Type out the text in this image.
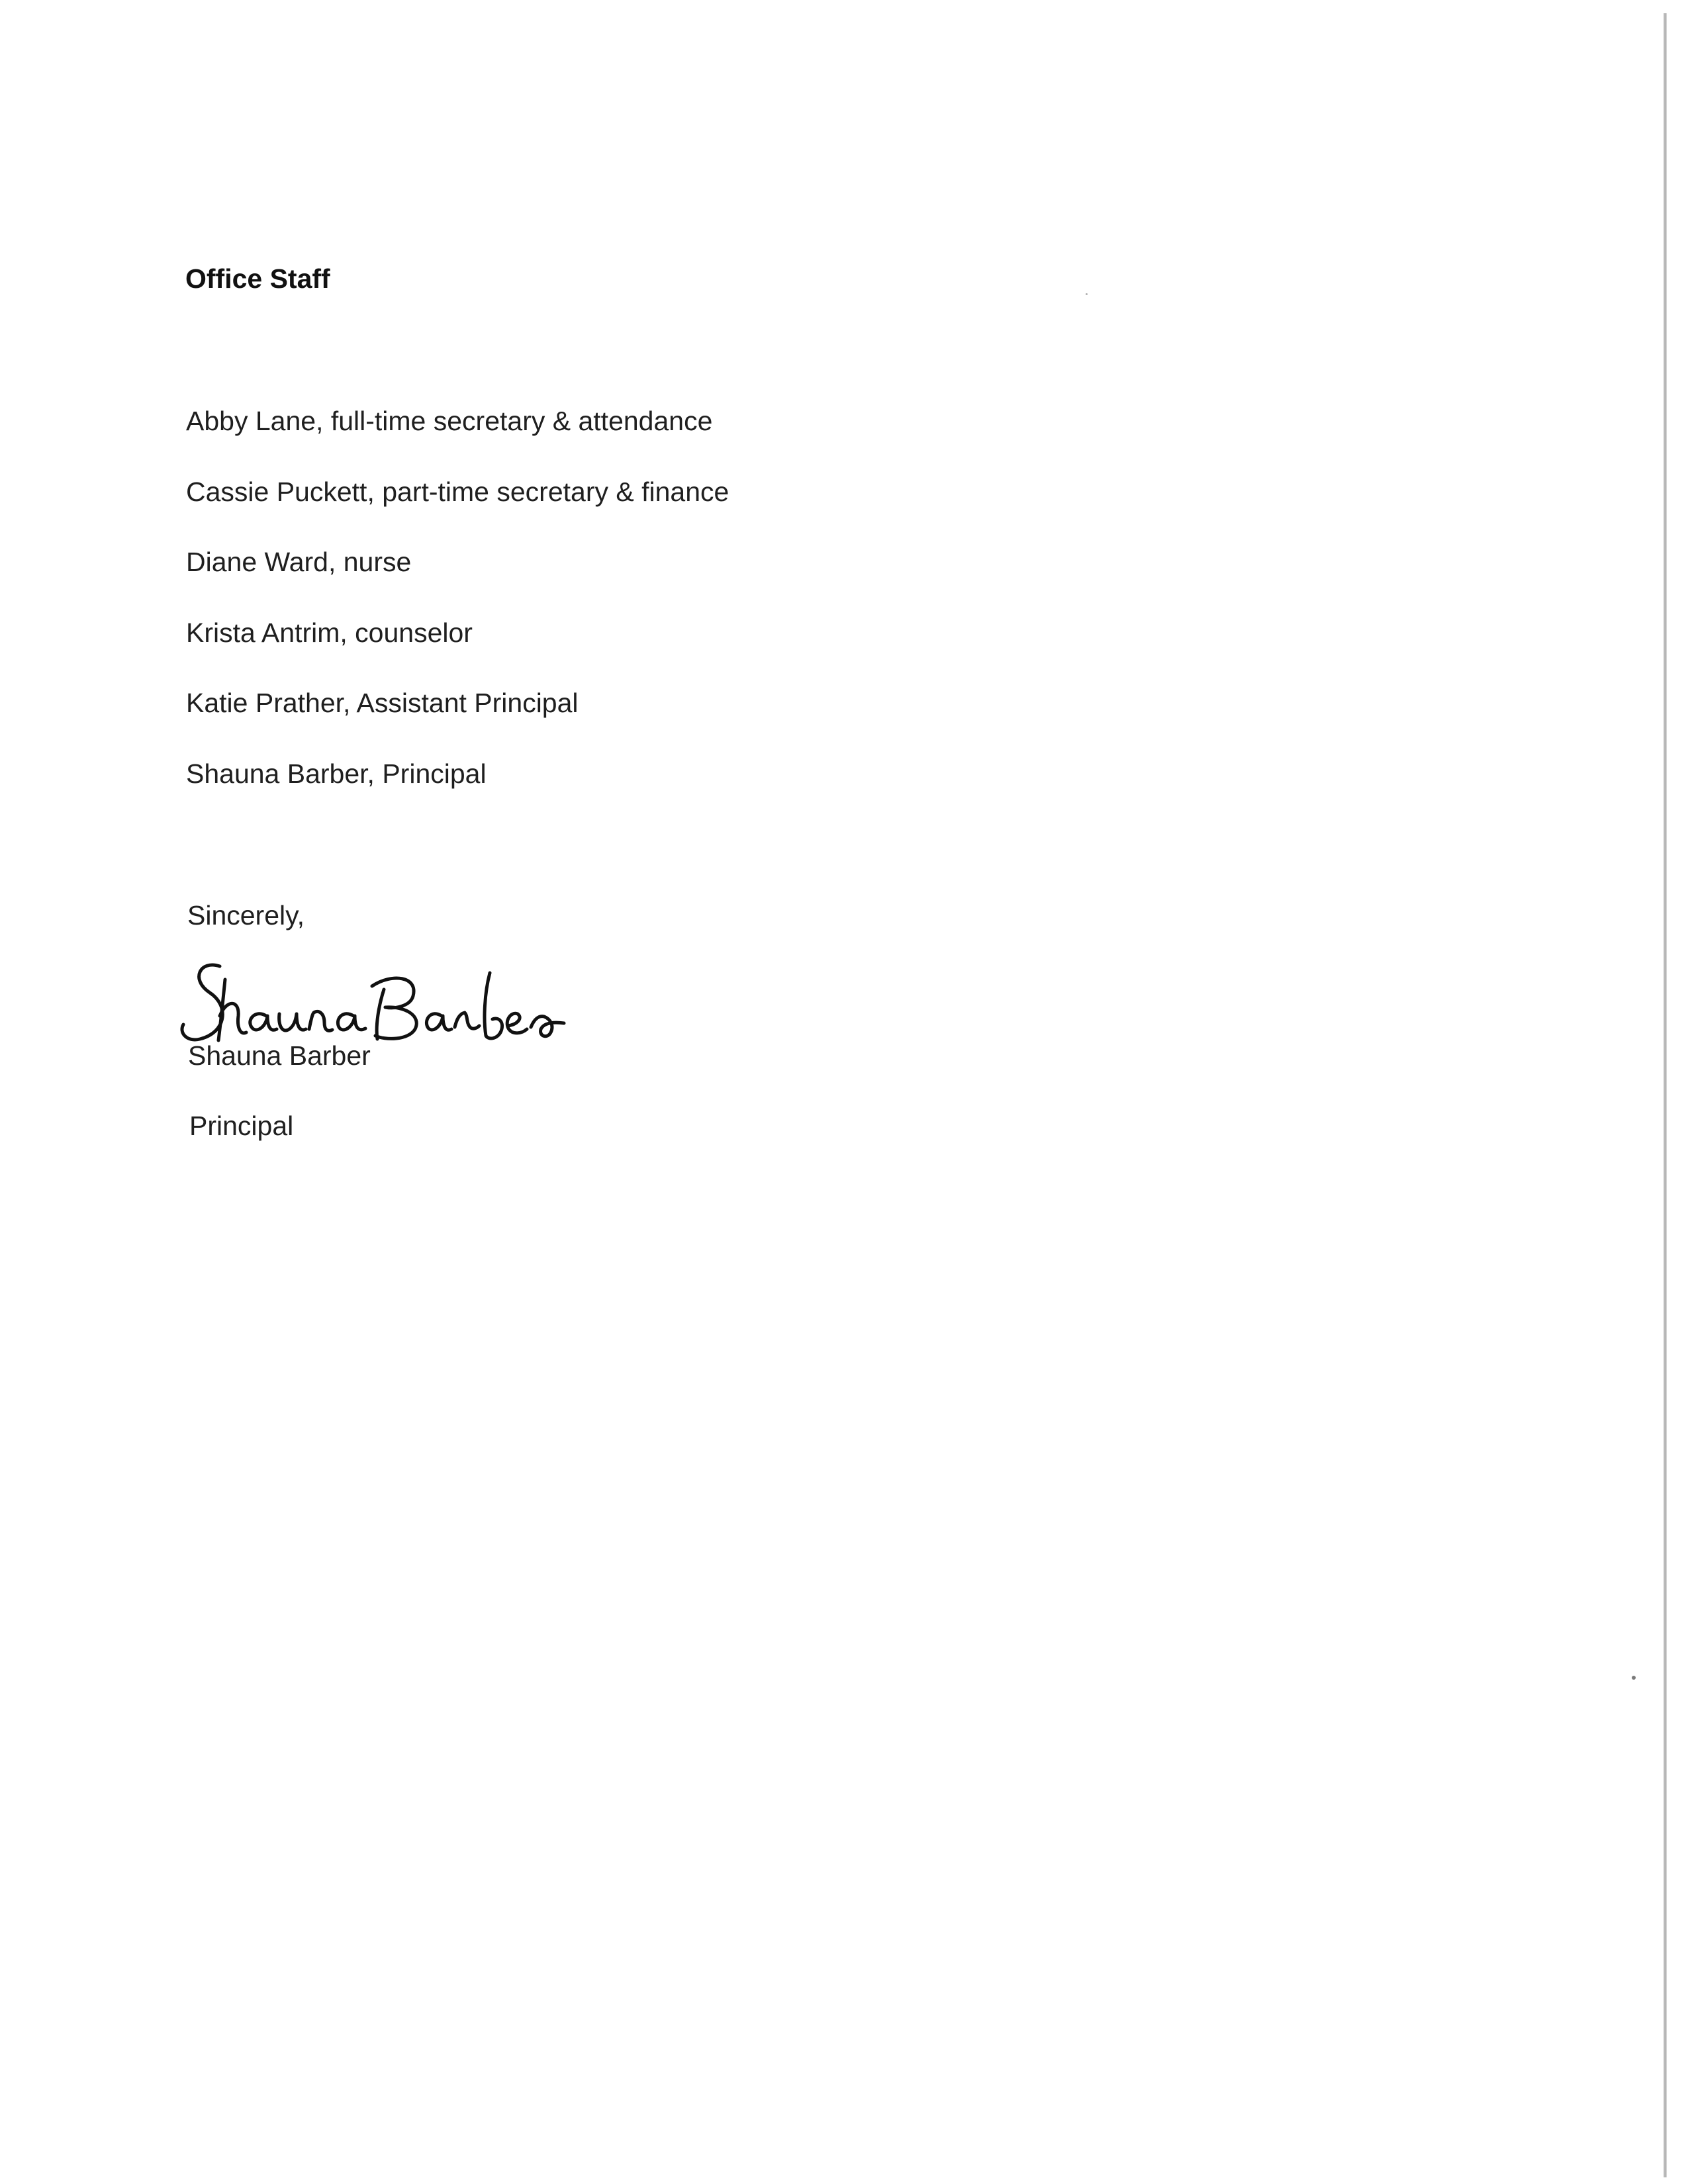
Office Staff
Abby Lane, full-time secretary & attendance
Cassie Puckett, part-time secretary & finance
Diane Ward, nurse
Krista Antrim, counselor
Katie Prather, Assistant Principal
Shauna Barber, Principal
Sincerely,
Shauna Barber
Principal
